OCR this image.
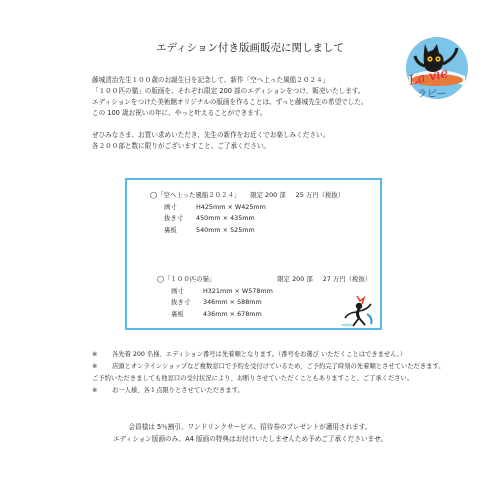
エディション付き版画販売に関しまして
La vie
ラビー

藤城清治先生１００歳のお誕生日を記念して、新作「空へ上った風船２０２４」

「１００匹の猫」の版画を、それぞれ限定 200 部のエディションをつけ、販売いたします。

エディションをつけた美術館オリジナルの版画を作ることは、ずっと藤城先生の希望でした。

この 100 歳お祝いの年に、やっと叶えることができます。

ぜひみなさま、お買い求めいただき、先生の新作をお近くでお楽しみください。

各２００部と数に限りがございますこと、ご了承ください。

◯「空へ上った風船２０２４」 限定 200 部 25 万円（税抜）
画寸	H425mm × W425mm
抜き寸 450mm × 435mm
裏板	540mm × 525mm
◯「１００匹の猫」	限定 200 部 27 万円（税抜）
画寸	H321mm × W578mm
抜き寸 346mm × 588mm
裏板	436mm × 678mm

※ 各先着 200 名様、エディション番号は先着順となります。（番号をお選び いただくことはできません。）

※ 店頭とオンラインショップなど複数窓口で予約を受付けているため、ご予約完了時刻の先着順とさせていただきます。

ご予約いただきましても他窓口の受付状況により、お断りさせていただくこともありますこと、ご了承ください。

※ お一人様、各１点限りとさせていただきます。

会員様は 5％割引、ワンドリンクサービス、招待券のプレゼントが適用されます。

エディション版画のみ、A4 版画の特典はお付けいたしませんため予めご了承くださいませ。
